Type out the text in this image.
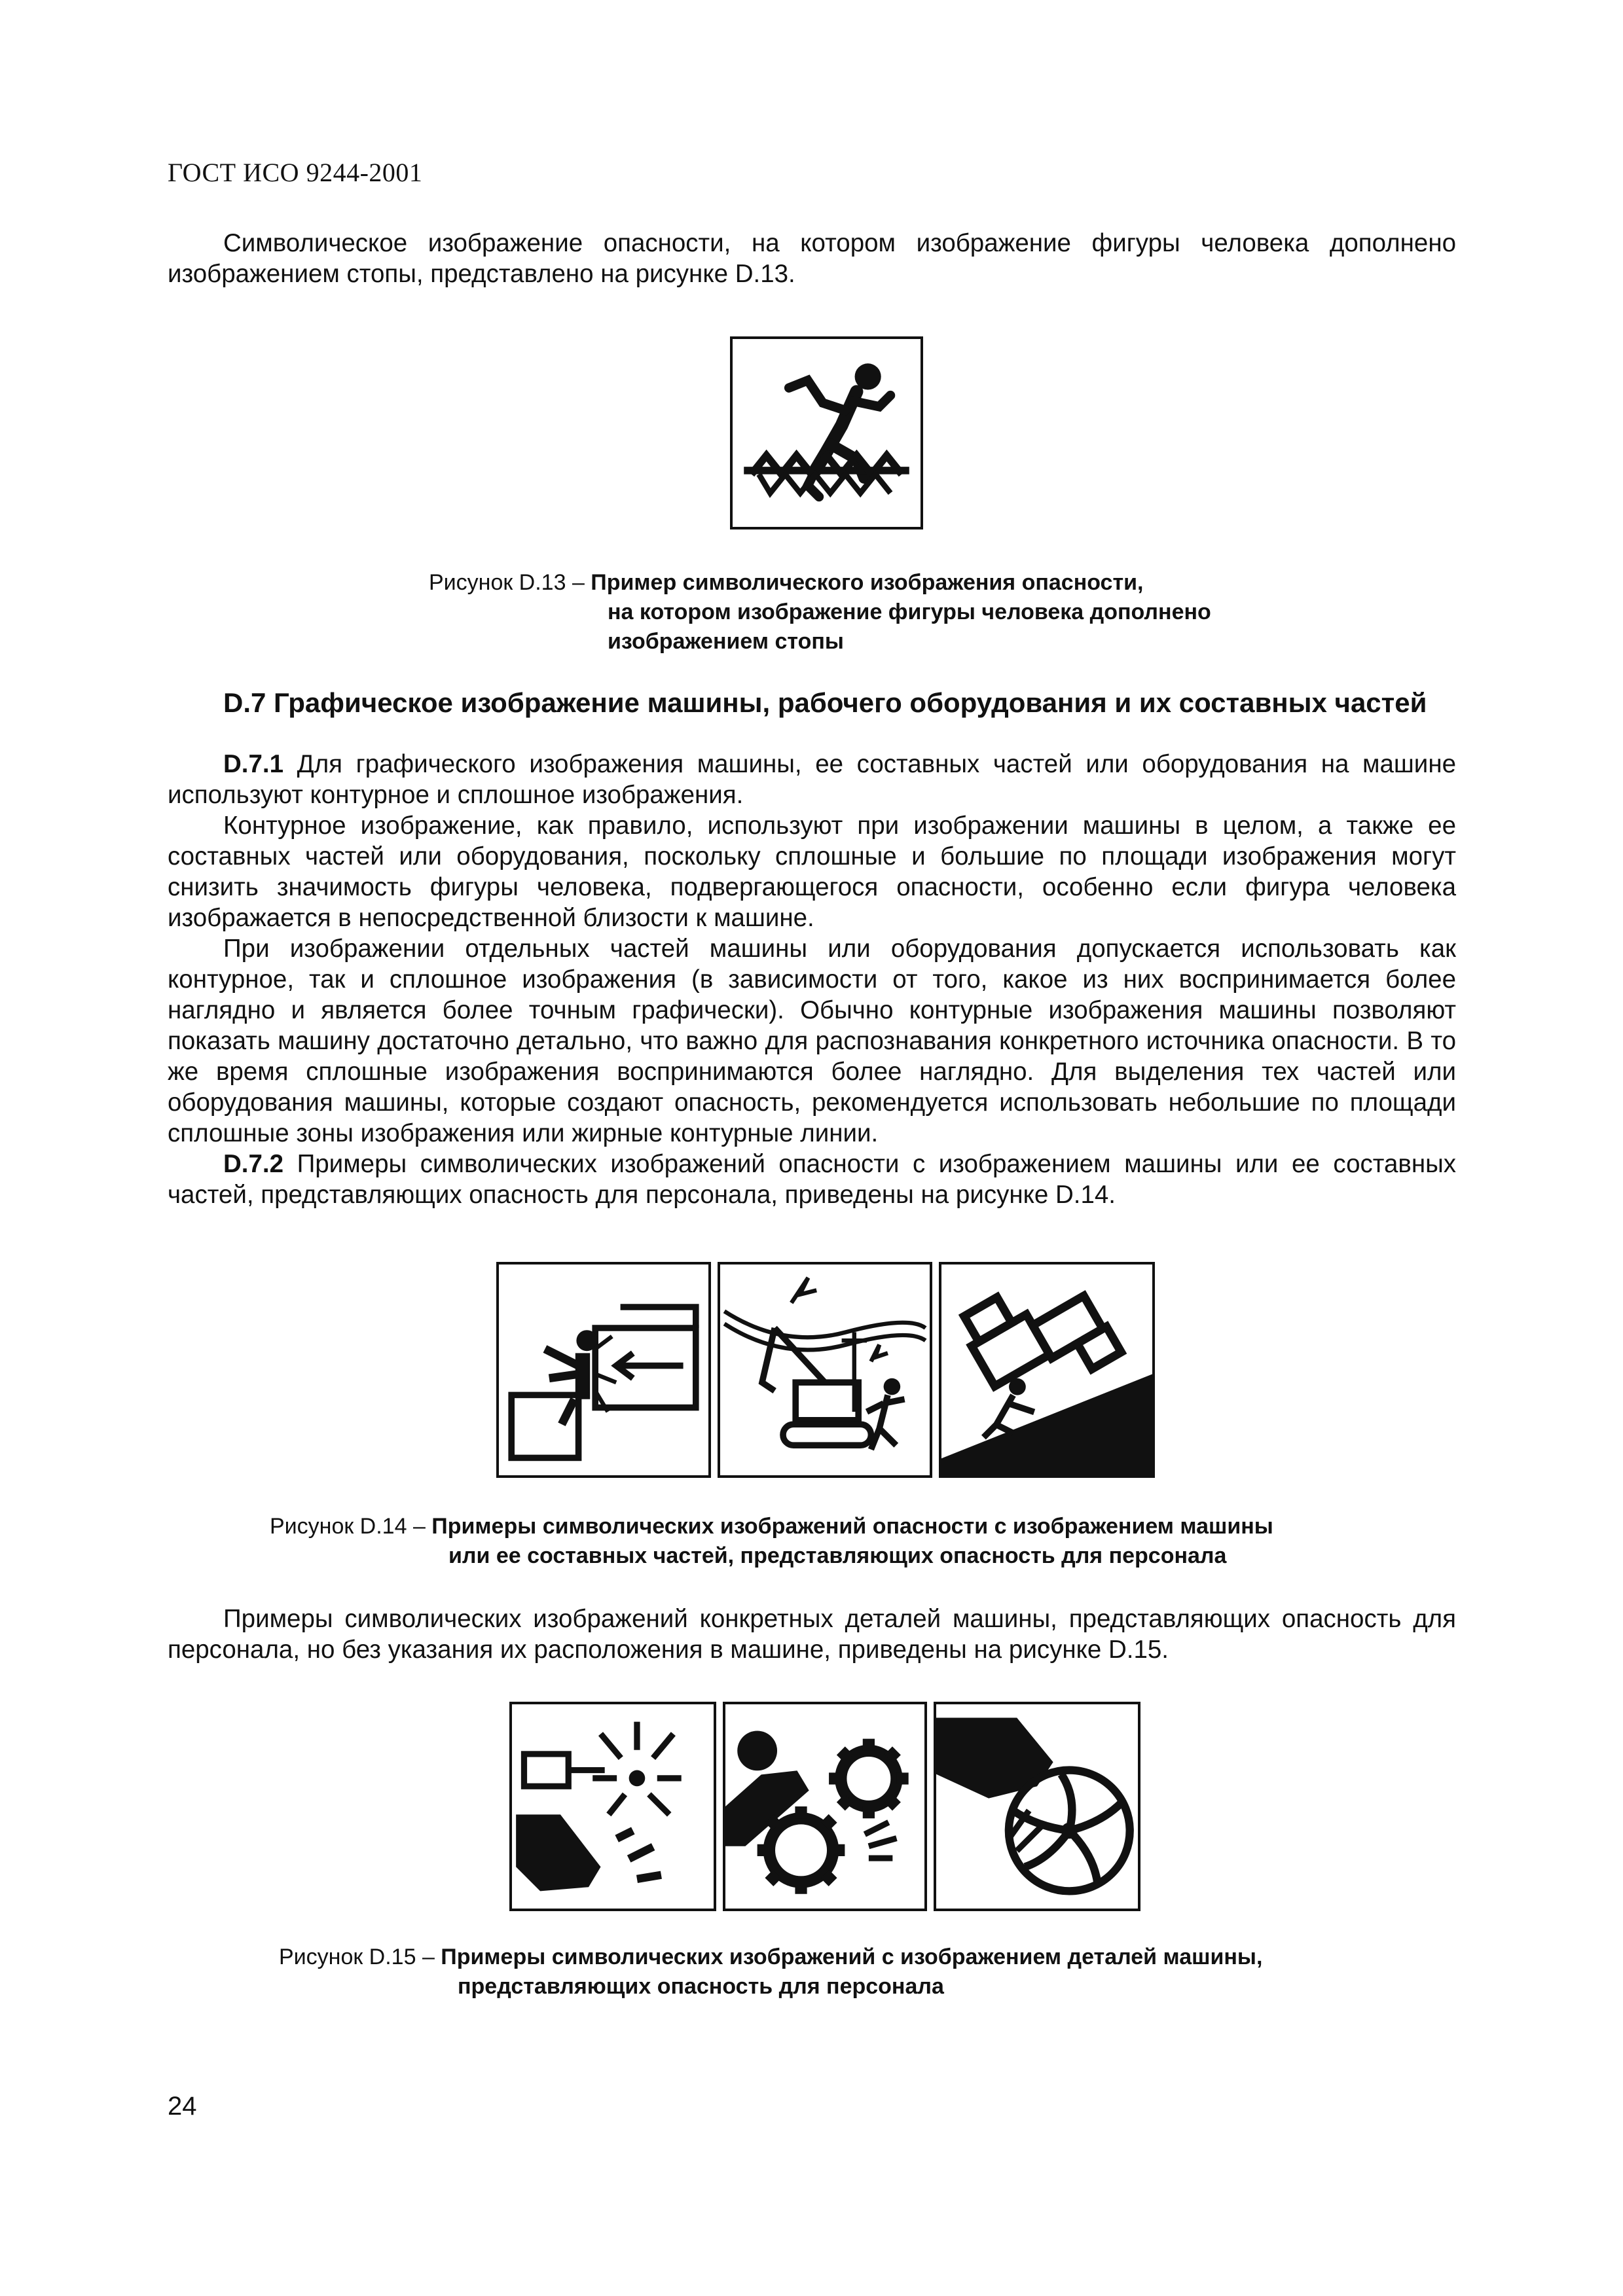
ГОСТ ИСО 9244-2001

Символическое изображение опасности, на котором изображение фигуры человека дополнено изображением стопы, представлено на рисунке D.13.

Рисунок D.13 – Пример символического изображения опасности,
на котором изображение фигуры человека дополнено
изображением стопы
D.7 Графическое изображение машины, рабочего оборудования и их составных частей

D.7.1 Для графического изображения машины, ее составных частей или оборудования на машине используют контурное и сплошное изображения.

Контурное изображение, как правило, используют при изображении машины в целом, а также ее составных частей или оборудования, поскольку сплошные и большие по площади изображения могут снизить значимость фигуры человека, подвергающегося опасности, особенно если фигура человека изображается в непосредственной близости к машине.

При изображении отдельных частей машины или оборудования допускается использовать как контурное, так и сплошное изображения (в зависимости от того, какое из них воспринимается более наглядно и является более точным графически). Обычно контурные изображения машины позволяют показать машину достаточно детально, что важно для распознавания конкретного источника опасности. В то же время сплошные изображения воспринимаются более наглядно. Для выделения тех частей или оборудования машины, которые создают опасность, рекомендуется использовать небольшие по площади сплошные зоны изображения или жирные контурные линии.

D.7.2 Примеры символических изображений опасности с изображением машины или ее составных частей, представляющих опасность для персонала, приведены на рисунке D.14.

Рисунок D.14 – Примеры символических изображений опасности с изображением машины
или ее составных частей, представляющих опасность для персонала

Примеры символических изображений конкретных деталей машины, представляющих опасность для персонала, но без указания их расположения в машине, приведены на рисунке D.15.

Рисунок D.15 – Примеры символических изображений с изображением деталей машины,
представляющих опасность для персонала
24
